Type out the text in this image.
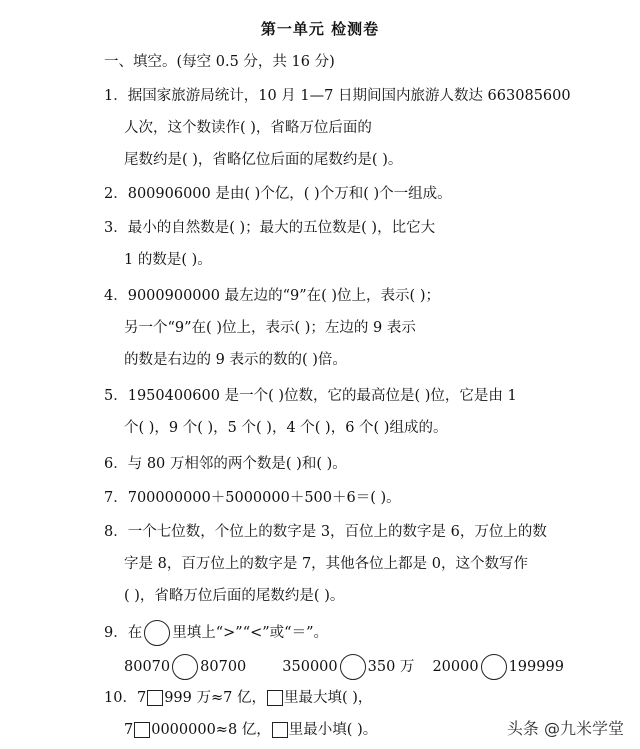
第一单元 检测卷
一、填空。(每空 0.5 分，共 16 分)
1．据国家旅游局统计，10 月 1—7 日期间国内旅游人数达 663085600
人次，这个数读作( )，省略万位后面的
尾数约是( )，省略亿位后面的尾数约是( )。
2．800906000 是由( )个亿，( )个万和( )个一组成。
3．最小的自然数是( )；最大的五位数是( )，比它大
1 的数是( )。
4．9000900000 最左边的“9”在( )位上，表示( )；
另一个“9”在( )位上，表示( )；左边的 9 表示
的数是右边的 9 表示的数的( )倍。
5．1950400600 是一个( )位数，它的最高位是( )位，它是由 1
个( )，9 个( )，5 个( )，4 个( )，6 个( )组成的。
6．与 80 万相邻的两个数是( )和( )。
7．700000000＋5000000＋500＋6＝( )。
8．一个七位数，个位上的数字是 3，百位上的数字是 6，万位上的数
字是 8，百万位上的数字是 7，其他各位上都是 0，这个数写作
( )，省略万位后面的尾数约是( )。
9．在 里填上“>”“<”或“＝”。
80070 80700 350000 350 万 20000 199999
10．7 999 万≈7 亿， 里最大填( )，
7 0000000≈8 亿， 里最小填( )。	头条 @九米学堂
